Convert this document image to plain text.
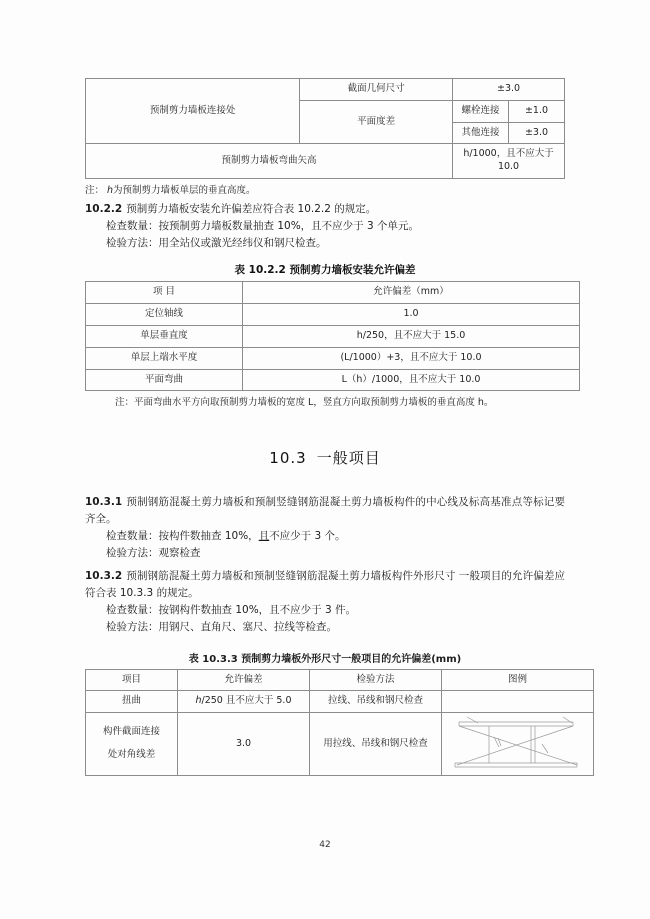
预制剪力墙板连接处	截面几何尺寸	±3.0	
	平面度差	螺栓连接	±1.0
		其他连接	±3.0
预制剪力墙板弯曲矢高		h/1000，且不应大于 10.0	

注： h为预制剪力墙板单层的垂直高度。

10.2.2 预制剪力墙板安装允许偏差应符合表 10.2.2 的规定。

检查数量：按预制剪力墙板数量抽查 10%，且不应少于 3 个单元。

检验方法：用全站仪或激光经纬仪和钢尺检查。

表 10.2.2 预制剪力墙板安装允许偏差
项 目	允许偏差（mm）
定位轴线	1.0
单层垂直度	h/250，且不应大于 15.0
单层上端水平度	(L/1000）+3，且不应大于 10.0
平面弯曲	L（h）/1000，且不应大于 10.0

注：平面弯曲水平方向取预制剪力墙板的宽度 L，竖直方向取预制剪力墙板的垂直高度 h。

10.3 一般项目

10.3.1 预制钢筋混凝土剪力墙板和预制竖缝钢筋混凝土剪力墙板构件的中心线及标高基准点等标记要齐全。

检查数量：按构件数抽查 10%，且不应少于 3 个。

检验方法：观察检查

10.3.2 预制钢筋混凝土剪力墙板和预制竖缝钢筋混凝土剪力墙板构件外形尺寸 一般项目的允许偏差应符合表 10.3.3 的规定。

检查数量：按钢构件数抽查 10%，且不应少于 3 件。

检验方法：用钢尺、直角尺、塞尺、拉线等检查。

表 10.3.3 预制剪力墙板外形尺寸一般项目的允许偏差(mm)
项目	允许偏差	检验方法	图例
扭曲	h/250 且不应大于 5.0	拉线、吊线和钢尺检查	

构件截面连接
处对角线差	3.0	用拉线、吊线和钢尺检查	
42
